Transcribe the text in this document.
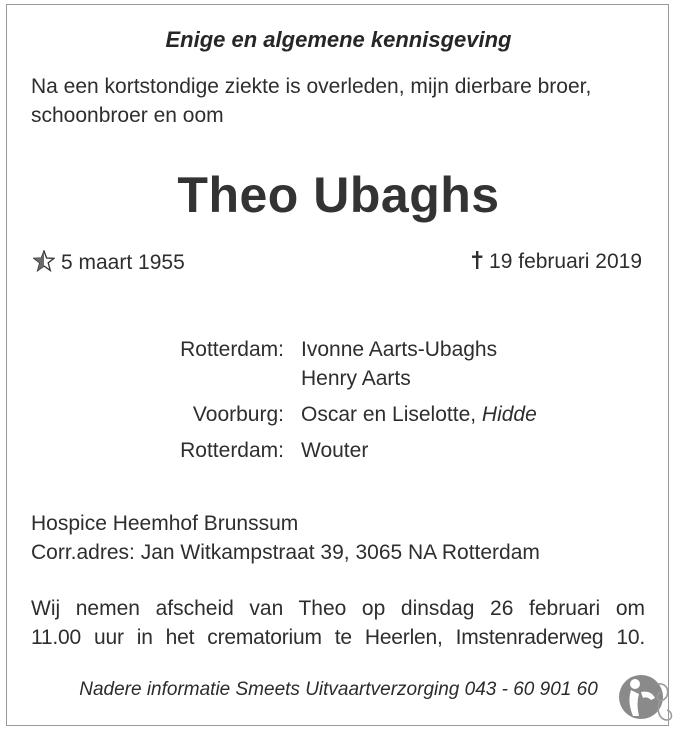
Enige en algemene kennisgeving
Na een kortstondige ziekte is overleden, mijn dierbare broer, schoonbroer en oom
Theo Ubaghs
5 maart 1955	19 februari 2019
Rotterdam: Ivonne Aarts-Ubaghs
Henry Aarts
Voorburg: Oscar en Liselotte, Hidde
Rotterdam: Wouter
Hospice Heemhof Brunssum
Corr.adres: Jan Witkampstraat 39, 3065 NA Rotterdam
Wij nemen afscheid van Theo op dinsdag 26 februari om
11.00 uur in het crematorium te Heerlen, Imstenraderweg 10.
Nadere informatie Smeets Uitvaartverzorging 043 - 60 901 60
